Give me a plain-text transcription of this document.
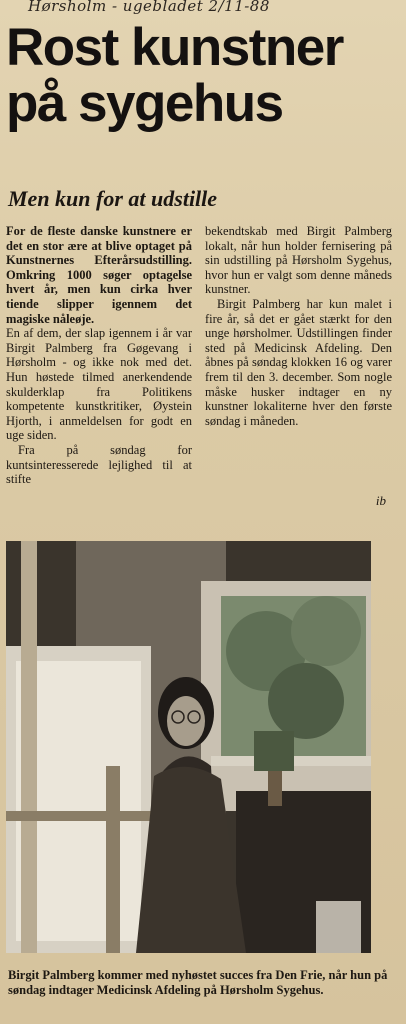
Hørsholm - ugebladet 2/11-88
Rost kunstner
på sygehus
Men kun for at udstille

For de fleste danske kunstnere er det en stor ære at blive optaget på Kunstnernes Efterårsudstilling. Omkring 1000 søger optagelse hvert år, men kun cirka hver tiende slipper igennem det magiske nåleøje.

En af dem, der slap igennem i år var Birgit Palmberg fra Gøgevang i Hørsholm - og ikke nok med det. Hun høstede tilmed anerkendende skulderklap fra Politikens kompetente kunstkritiker, Øystein Hjorth, i anmeldelsen for godt en uge siden.

Fra på søndag for kuntsinteresserede lejlighed til at stifte

bekendtskab med Birgit Palmberg lokalt, når hun holder fernisering på sin udstilling på Hørsholm Sygehus, hvor hun er valgt som denne måneds kunstner.

Birgit Palmberg har kun malet i fire år, så det er gået stærkt for den unge hørsholmer. Udstillingen finder sted på Medicinsk Afdeling. Den åbnes på søndag klokken 16 og varer frem til den 3. december. Som nogle måske husker indtager en ny kunstner lokaliterne hver den første søndag i måneden.

ib

Birgit Palmberg kommer med nyhøstet succes fra Den Frie, når hun på søndag indtager Medicinsk Afdeling på Hørsholm Sygehus.
